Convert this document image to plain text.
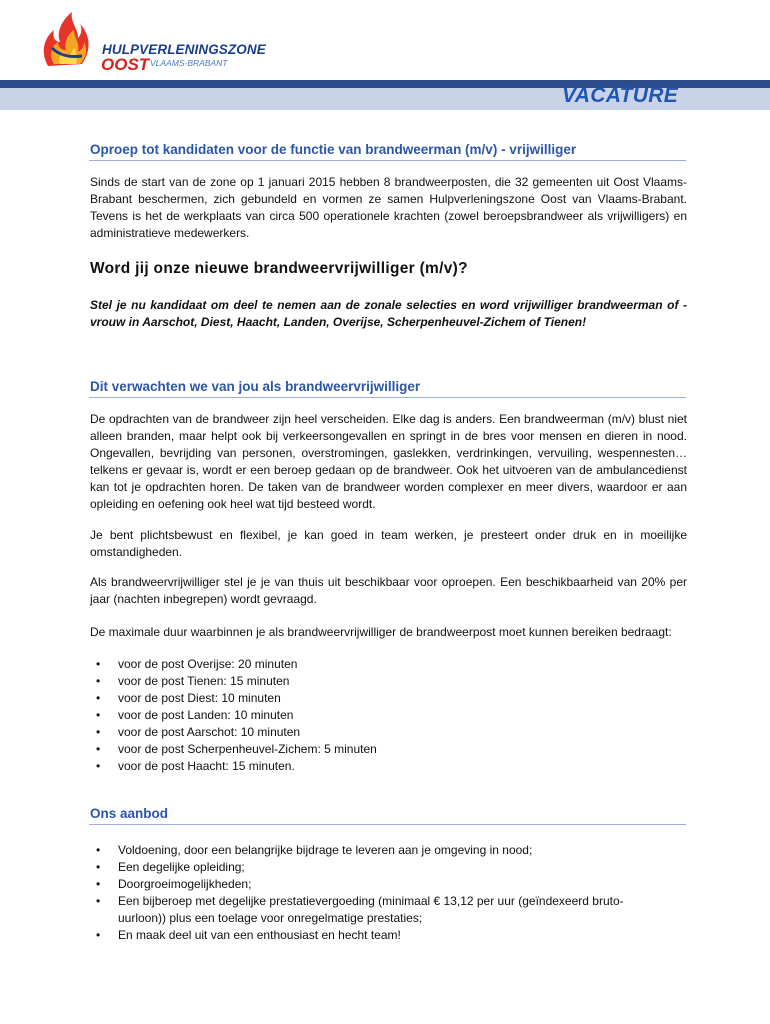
HULPVERLENINGSZONE
OOST VLAAMS-BRABANT
VACATURE
Oproep tot kandidaten voor de functie van brandweerman (m/v) - vrijwilliger

Sinds de start van de zone op 1 januari 2015 hebben 8 brandweerposten, die 32 gemeenten uit Oost Vlaams-Brabant beschermen, zich gebundeld en vormen ze samen Hulpverleningszone Oost van Vlaams-Brabant. Tevens is het de werkplaats van circa 500 operationele krachten (zowel beroepsbrandweer als vrijwilligers) en administratieve medewerkers.

Word jij onze nieuwe brandweervrijwilliger (m/v)?

Stel je nu kandidaat om deel te nemen aan de zonale selecties en word vrijwilliger brandweerman of -vrouw in Aarschot, Diest, Haacht, Landen, Overijse, Scherpenheuvel-Zichem of Tienen!

Dit verwachten we van jou als brandweervrijwilliger

De opdrachten van de brandweer zijn heel verscheiden. Elke dag is anders. Een brandweerman (m/v) blust niet alleen branden, maar helpt ook bij verkeersongevallen en springt in de bres voor mensen en dieren in nood. Ongevallen, bevrijding van personen, overstromingen, gaslekken, verdrinkingen, vervuiling, wespennesten… telkens er gevaar is, wordt er een beroep gedaan op de brandweer. Ook het uitvoeren van de ambulancedienst kan tot je opdrachten horen. De taken van de brandweer worden complexer en meer divers, waardoor er aan opleiding en oefening ook heel wat tijd besteed wordt.

Je bent plichtsbewust en flexibel, je kan goed in team werken, je presteert onder druk en in moeilijke omstandigheden.

Als brandweervrijwilliger stel je je van thuis uit beschikbaar voor oproepen. Een beschikbaarheid van 20% per jaar (nachten inbegrepen) wordt gevraagd.

De maximale duur waarbinnen je als brandweervrijwilliger de brandweerpost moet kunnen bereiken bedraagt:

• voor de post Overijse: 20 minuten
• voor de post Tienen: 15 minuten
• voor de post Diest: 10 minuten
• voor de post Landen: 10 minuten
• voor de post Aarschot: 10 minuten
• voor de post Scherpenheuvel-Zichem: 5 minuten
• voor de post Haacht: 15 minuten.
Ons aanbod
• Voldoening, door een belangrijke bijdrage te leveren aan je omgeving in nood;
• Een degelijke opleiding;
• Doorgroeimogelijkheden;
• Een bijberoep met degelijke prestatievergoeding (minimaal € 13,12 per uur (geïndexeerd bruto-uurloon)) plus een toelage voor onregelmatige prestaties;
• En maak deel uit van een enthousiast en hecht team!
